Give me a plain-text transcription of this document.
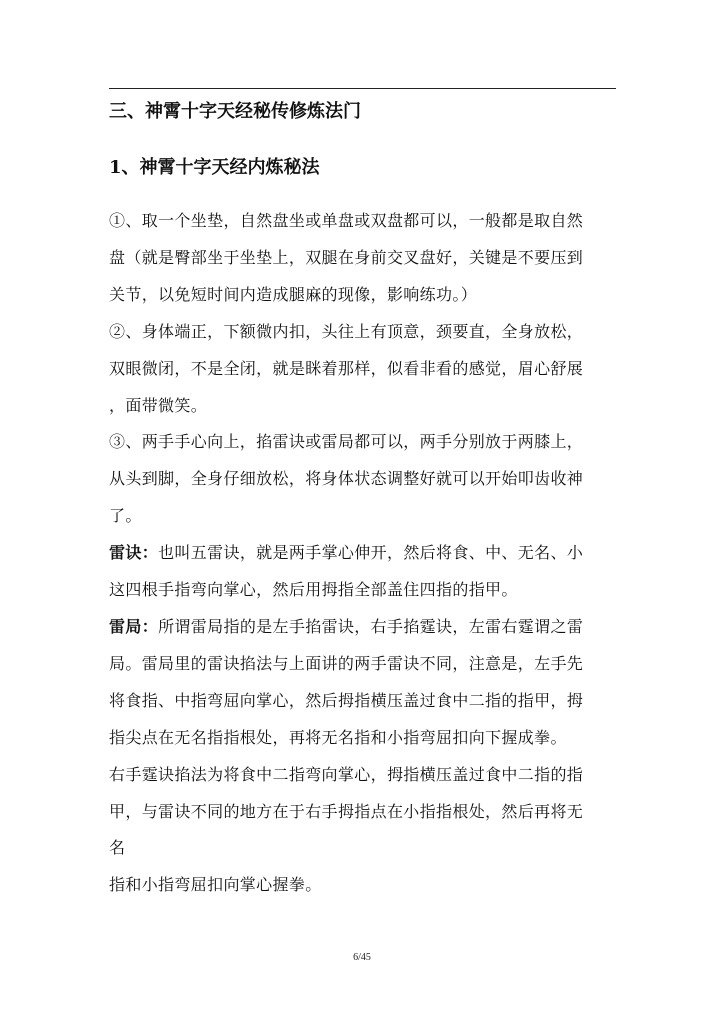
三、神霄十字天经秘传修炼法门
1、神霄十字天经内炼秘法

①、取一个坐垫，自然盘坐或单盘或双盘都可以，一般都是取自然
盘（就是臀部坐于坐垫上，双腿在身前交叉盘好，关键是不要压到
关节，以免短时间内造成腿麻的现像，影响练功。）

②、身体端正，下额微内扣，头往上有顶意，颈要直，全身放松，
双眼微闭，不是全闭，就是眯着那样，似看非看的感觉，眉心舒展
，面带微笑。

③、两手手心向上，掐雷诀或雷局都可以，两手分别放于两膝上，
从头到脚，全身仔细放松，将身体状态调整好就可以开始叩齿收神
了。

雷诀：也叫五雷诀，就是两手掌心伸开，然后将食、中、无名、小
这四根手指弯向掌心，然后用拇指全部盖住四指的指甲。

雷局：所谓雷局指的是左手掐雷诀，右手掐霆诀，左雷右霆谓之雷
局。雷局里的雷诀掐法与上面讲的两手雷诀不同，注意是，左手先
将食指、中指弯屈向掌心，然后拇指横压盖过食中二指的指甲，拇
指尖点在无名指指根处，再将无名指和小指弯屈扣向下握成拳。

右手霆诀掐法为将食中二指弯向掌心，拇指横压盖过食中二指的指
甲，与雷诀不同的地方在于右手拇指点在小指指根处，然后再将无
名
指和小指弯屈扣向掌心握拳。

6/45
